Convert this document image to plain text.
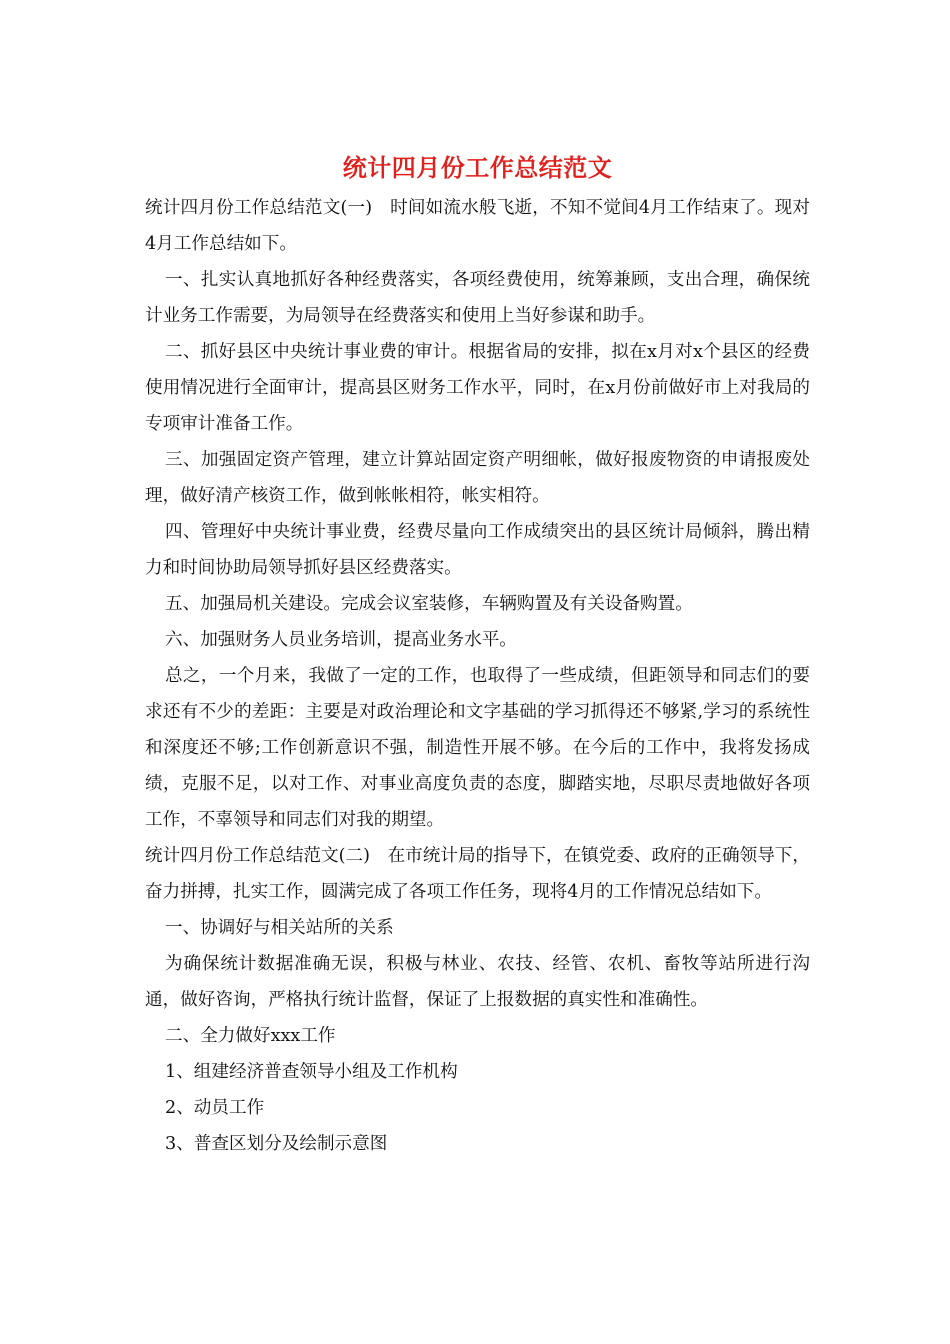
统计四月份工作总结范文

统计四月份工作总结范文(一)　时间如流水般飞逝，不知不觉间4月工作结束了。现对4月工作总结如下。

一、扎实认真地抓好各种经费落实，各项经费使用，统筹兼顾，支出合理，确保统计业务工作需要，为局领导在经费落实和使用上当好参谋和助手。

二、抓好县区中央统计事业费的审计。根据省局的安排，拟在x月对x个县区的经费使用情况进行全面审计，提高县区财务工作水平，同时，在x月份前做好市上对我局的专项审计准备工作。

三、加强固定资产管理，建立计算站固定资产明细帐，做好报废物资的申请报废处理，做好清产核资工作，做到帐帐相符，帐实相符。

四、管理好中央统计事业费，经费尽量向工作成绩突出的县区统计局倾斜，腾出精力和时间协助局领导抓好县区经费落实。

五、加强局机关建设。完成会议室装修，车辆购置及有关设备购置。

六、加强财务人员业务培训，提高业务水平。

总之，一个月来，我做了一定的工作，也取得了一些成绩，但距领导和同志们的要求还有不少的差距：主要是对政治理论和文字基础的学习抓得还不够紧,学习的系统性和深度还不够;工作创新意识不强，制造性开展不够。在今后的工作中，我将发扬成绩，克服不足，以对工作、对事业高度负责的态度，脚踏实地，尽职尽责地做好各项工作，不辜领导和同志们对我的期望。

统计四月份工作总结范文(二)　在市统计局的指导下，在镇党委、政府的正确领导下，奋力拼搏，扎实工作，圆满完成了各项工作任务，现将4月的工作情况总结如下。

一、协调好与相关站所的关系

为确保统计数据准确无误，积极与林业、农技、经管、农机、畜牧等站所进行沟通，做好咨询，严格执行统计监督，保证了上报数据的真实性和准确性。

二、全力做好xxx工作

1、组建经济普查领导小组及工作机构

2、动员工作

3、普查区划分及绘制示意图
